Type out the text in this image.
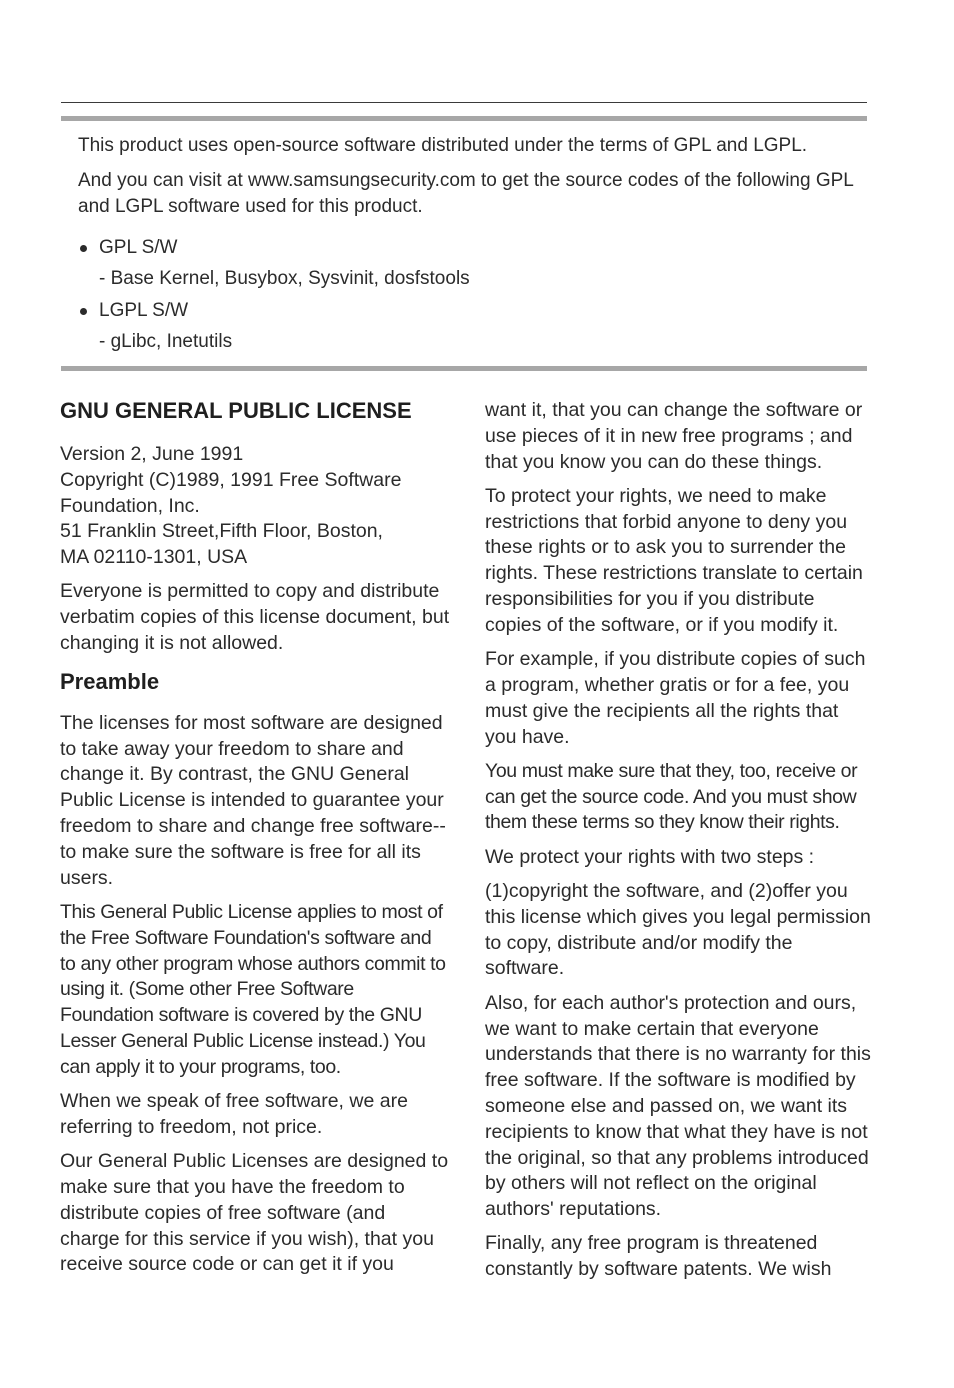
This product uses open-source software distributed under the terms of GPL and LGPL.

And you can visit at www.samsungsecurity.com to get the source codes of the following GPL and LGPL software used for this product.

GPL S/W
- Base Kernel, Busybox, Sysvinit, dosfstools
LGPL S/W
- gLibc, Inetutils
GNU GENERAL PUBLIC LICENSE
Version 2, June 1991
Copyright (C)1989, 1991 Free Software
Foundation, Inc.
51 Franklin Street,Fifth Floor, Boston,
MA 02110-1301, USA

Everyone is permitted to copy and distribute verbatim copies of this license document, but changing it is not allowed.

Preamble

The licenses for most software are designed to take away your freedom to share and change it. By contrast, the GNU General Public License is intended to guarantee your freedom to share and change free software-- to make sure the software is free for all its users.

This General Public License applies to most of the Free Software Foundation's software and to any other program whose authors commit to using it. (Some other Free Software Foundation software is covered by the GNU Lesser General Public License instead.) You can apply it to your programs, too.

When we speak of free software, we are referring to freedom, not price.

Our General Public Licenses are designed to make sure that you have the freedom to distribute copies of free software (and charge for this service if you wish), that you receive source code or can get it if you

want it, that you can change the software or use pieces of it in new free programs ; and that you know you can do these things.

To protect your rights, we need to make restrictions that forbid anyone to deny you these rights or to ask you to surrender the rights. These restrictions translate to certain responsibilities for you if you distribute copies of the software, or if you modify it.

For example, if you distribute copies of such a program, whether gratis or for a fee, you must give the recipients all the rights that you have.

You must make sure that they, too, receive or can get the source code. And you must show them these terms so they know their rights.

We protect your rights with two steps :

(1)copyright the software, and (2)offer you this license which gives you legal permission to copy, distribute and/or modify the software.

Also, for each author's protection and ours, we want to make certain that everyone understands that there is no warranty for this free software. If the software is modified by someone else and passed on, we want its recipients to know that what they have is not the original, so that any problems introduced by others will not reflect on the original authors' reputations.

Finally, any free program is threatened constantly by software patents. We wish
